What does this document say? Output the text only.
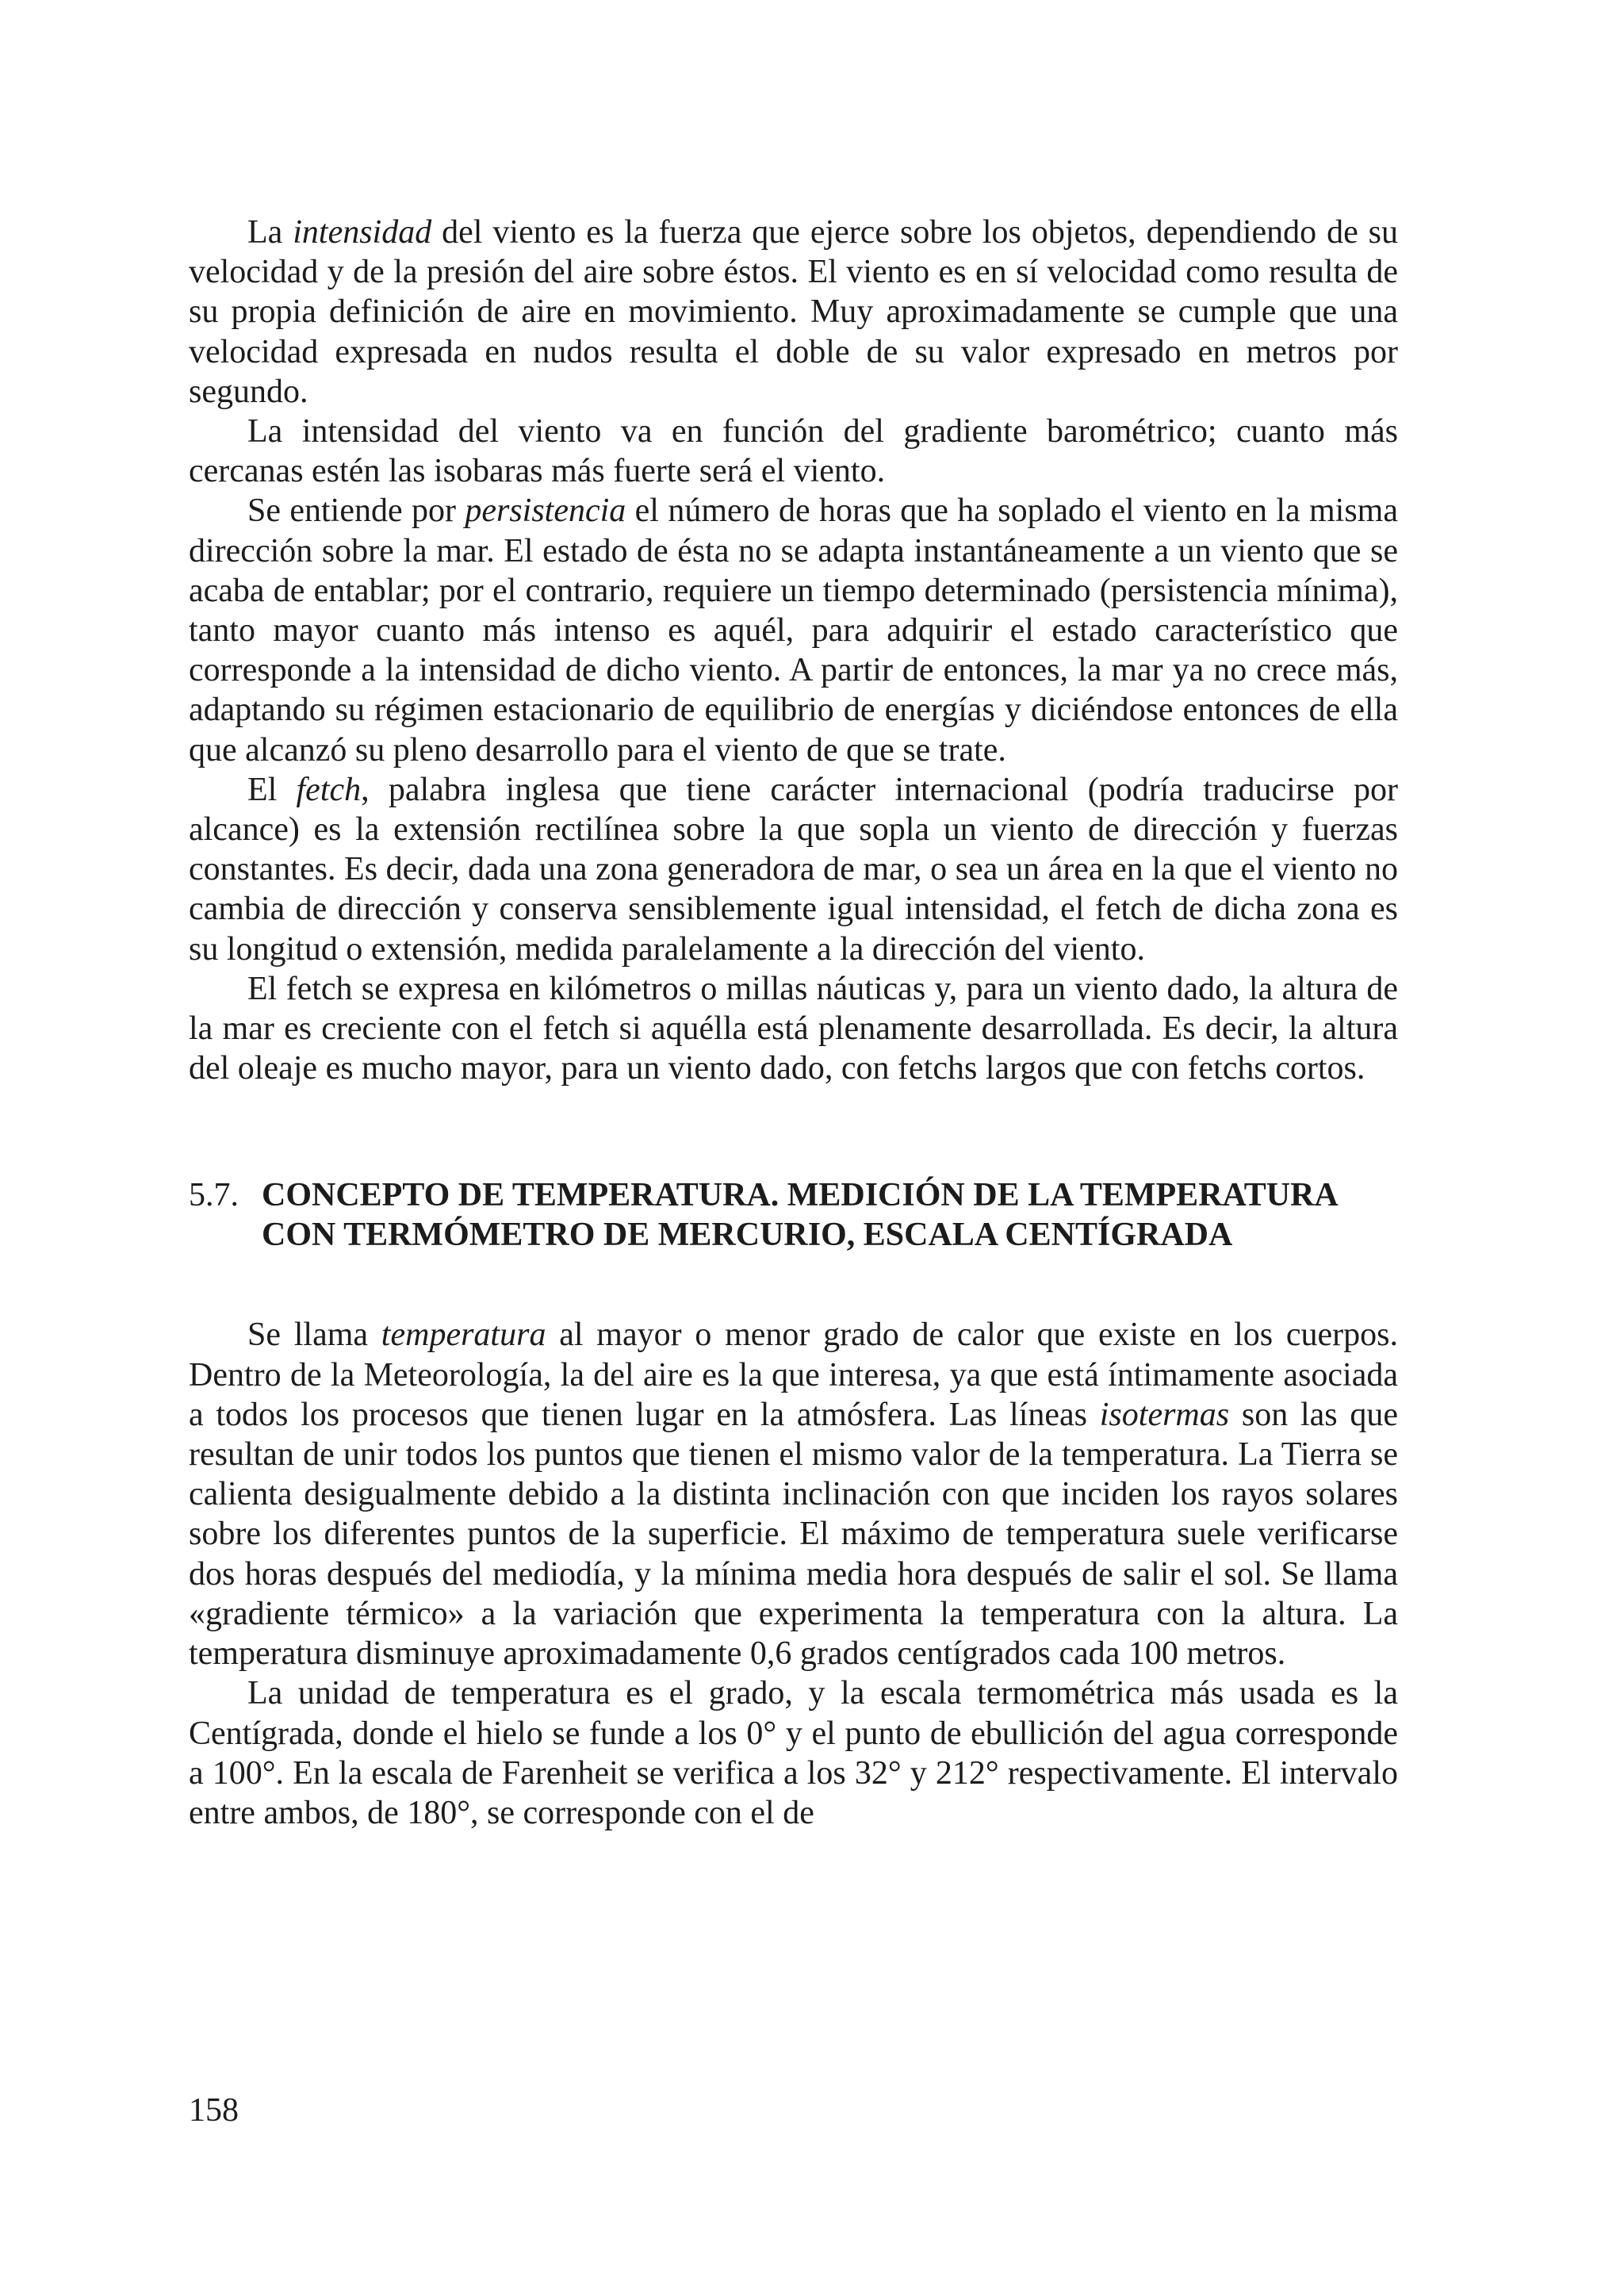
La intensidad del viento es la fuerza que ejerce sobre los objetos, dependiendo de su velocidad y de la presión del aire sobre éstos. El viento es en sí velocidad como resulta de su propia definición de aire en movimiento. Muy aproximadamente se cumple que una velocidad expresada en nudos resulta el doble de su valor expresado en metros por segundo.

La intensidad del viento va en función del gradiente barométrico; cuanto más cercanas estén las isobaras más fuerte será el viento.

Se entiende por persistencia el número de horas que ha soplado el viento en la misma dirección sobre la mar. El estado de ésta no se adapta instantáneamente a un viento que se acaba de entablar; por el contrario, requiere un tiempo determinado (persistencia mínima), tanto mayor cuanto más intenso es aquél, para adquirir el estado característico que corresponde a la intensidad de dicho viento. A partir de entonces, la mar ya no crece más, adaptando su régimen estacionario de equilibrio de energías y diciéndose entonces de ella que alcanzó su pleno desarrollo para el viento de que se trate.

El fetch, palabra inglesa que tiene carácter internacional (podría traducirse por alcance) es la extensión rectilínea sobre la que sopla un viento de dirección y fuerzas constantes. Es decir, dada una zona generadora de mar, o sea un área en la que el viento no cambia de dirección y conserva sensiblemente igual intensidad, el fetch de dicha zona es su longitud o extensión, medida paralelamente a la dirección del viento.

El fetch se expresa en kilómetros o millas náuticas y, para un viento dado, la altura de la mar es creciente con el fetch si aquélla está plenamente desarrollada. Es decir, la altura del oleaje es mucho mayor, para un viento dado, con fetchs largos que con fetchs cortos.

5.7. CONCEPTO DE TEMPERATURA. MEDICIÓN DE LA TEMPERATURA CON TERMÓMETRO DE MERCURIO, ESCALA CENTÍGRADA

Se llama temperatura al mayor o menor grado de calor que existe en los cuerpos. Dentro de la Meteorología, la del aire es la que interesa, ya que está íntimamente asociada a todos los procesos que tienen lugar en la atmósfera. Las líneas isotermas son las que resultan de unir todos los puntos que tienen el mismo valor de la temperatura. La Tierra se calienta desigualmente debido a la distinta inclinación con que inciden los rayos solares sobre los diferentes puntos de la superficie. El máximo de temperatura suele verificarse dos horas después del mediodía, y la mínima media hora después de salir el sol. Se llama «gradiente térmico» a la variación que experimenta la temperatura con la altura. La temperatura disminuye aproximadamente 0,6 grados centígrados cada 100 metros.

La unidad de temperatura es el grado, y la escala termométrica más usada es la Centígrada, donde el hielo se funde a los 0° y el punto de ebullición del agua corresponde a 100°. En la escala de Farenheit se verifica a los 32° y 212° respectivamente. El intervalo entre ambos, de 180°, se corresponde con el de

158
